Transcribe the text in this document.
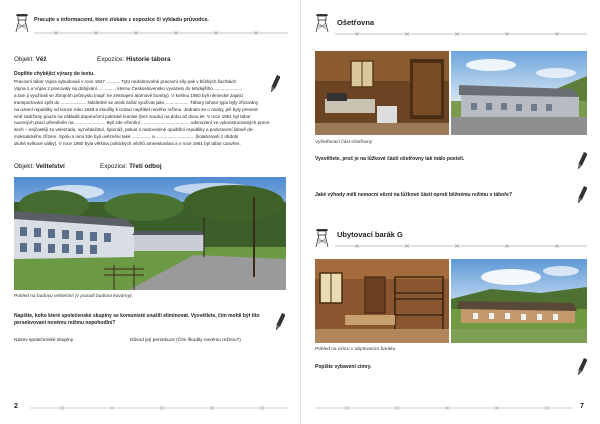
Pracujte s informacemi, které získáte z expozice či výkladu průvodce.
Objekt: Věž	Expozice: Historie tábora
Doplňte chybějící výrazy do textu.
Pracovní tábor Vojna vybudovali v roce 1947 ........... Tyto nedobrovolné pracovní síly pak v blízkých šachtách
Vojna 1 a Vojna 2 pracovaly na dobývání ............ , kterou Československo vyvázelo do tehdejšího ......................
a tam ji využívali ve zbrojním průmyslu (např. ke zestrojení atomové bomby). V květnu 1950 byli německé zajatci
transportováni zpět do .................... Následně se areál začal využívat jako .................. Tábory tohoto typu byly zřizovány
na území republiky od konce roku 1948 a sloužily k izolaci nepřátel nového režimu. Jednalo se o osoby, jež byly prevent-
ivně zadrženy pouze na základě doporučení politické komise (bez soudu) na dobu až dvou let. V roce 1951 byl tábor
nucených prací přeměněn na ........................ Byli zde vězněni ...................................... odsouzení ve vykonstruovaných proce-
sech – nejčastěji za velezradu, vyzvědačství, špionáž, pokus o nedovolené opuštění republiky a podvracení lidově de-
mokratického zřízení. Spolu s nimi zde byli uvězněni také ............... a .............................. (kolaboranti z období
druhé světové války). V roce 1960 byla většina politických vězňů amnestována a v roce 1961 byl tábor uzavřen.
Objekt: Velitelství	Expozice: Třetí odboj
Pohled na budovu velitelství (v pozadí budova kovárny).
Napište, koho které společenské skupiny se komunisté snažili eliminovat. Vysvětlete, čím mohli být tito persekvovaní novému režimu nepohodlní?
Název společenské skupiny	Důvod její perzekuce (Čím škodily novému režimu?)
2
Ošetřovna
Vyšetřovací část ošetřovny
Vysvětlete, proč je na lůžkové části ošetřovny tak málo postelí.
Jaké výhody měli nemocní vězni na lůžkové části oproti běžnému režimu v táboře?
Ubytovací barák G
Pohled na cimru v ubytovacím baráku
Popište vybavení cimry.
7
